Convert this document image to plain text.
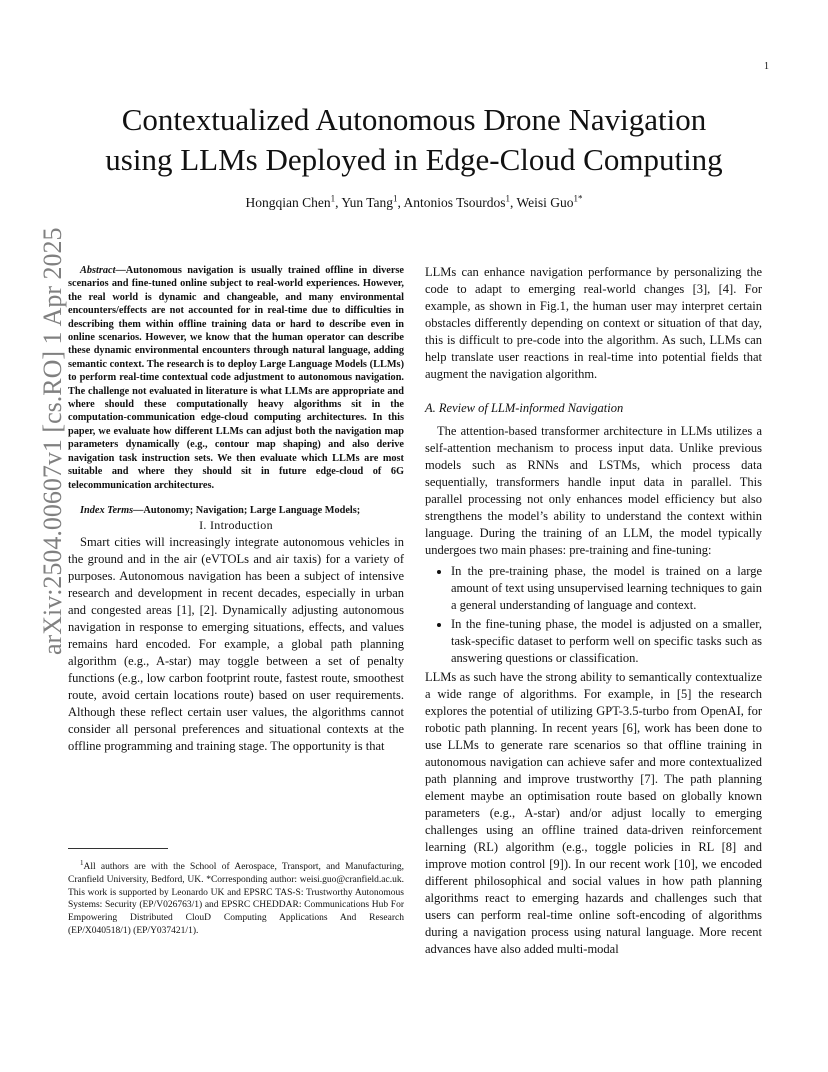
1
arXiv:2504.00607v1 [cs.RO] 1 Apr 2025
Contextualized Autonomous Drone Navigation
using LLMs Deployed in Edge-Cloud Computing
Hongqian Chen$^1$, Yun Tang$^1$, Antonios Tsourdos$^1$, Weisi Guo$^{1*}$

Abstract—Autonomous navigation is usually trained offline in diverse scenarios and fine-tuned online subject to real-world experiences. However, the real world is dynamic and changeable, and many environmental encounters/effects are not accounted for in real-time due to difficulties in describing them within offline training data or hard to describe even in online scenarios. However, we know that the human operator can describe these dynamic environmental encounters through natural language, adding semantic context. The research is to deploy Large Language Models (LLMs) to perform real-time contextual code adjustment to autonomous navigation. The challenge not evaluated in literature is what LLMs are appropriate and where should these computationally heavy algorithms sit in the computation-communication edge-cloud computing architectures. In this paper, we evaluate how different LLMs can adjust both the navigation map parameters dynamically (e.g., contour map shaping) and also derive navigation task instruction sets. We then evaluate which LLMs are most suitable and where they should sit in future edge-cloud of 6G telecommunication architectures.

Index Terms—Autonomy; Navigation; Large Language Models;

I. Introduction

Smart cities will increasingly integrate autonomous vehicles in the ground and in the air (eVTOLs and air taxis) for a variety of purposes. Autonomous navigation has been a subject of intensive research and development in recent decades, especially in urban and congested areas [1], [2]. Dynamically adjusting autonomous navigation in response to emerging situations, effects, and values remains hard encoded. For example, a global path planning algorithm (e.g., A-star) may toggle between a set of penalty functions (e.g., low carbon footprint route, fastest route, smoothest route, avoid certain locations route) based on user requirements. Although these reflect certain user values, the algorithms cannot consider all personal preferences and situational contexts at the offline programming and training stage. The opportunity is that

LLMs can enhance navigation performance by personalizing the code to adapt to emerging real-world changes [3], [4]. For example, as shown in Fig.1, the human user may interpret certain obstacles differently depending on context or situation of that day, this is difficult to pre-code into the algorithm. As such, LLMs can help translate user reactions in real-time into potential fields that augment the navigation algorithm.

A. Review of LLM-informed Navigation

The attention-based transformer architecture in LLMs utilizes a self-attention mechanism to process input data. Unlike previous models such as RNNs and LSTMs, which process data sequentially, transformers handle input data in parallel. This parallel processing not only enhances model efficiency but also strengthens the model’s ability to understand the context within language. During the training of an LLM, the model typically undergoes two main phases: pre-training and fine-tuning:

• In the pre-training phase, the model is trained on a large amount of text using unsupervised learning techniques to gain a general understanding of language and context.
• In the fine-tuning phase, the model is adjusted on a smaller, task-specific dataset to perform well on specific tasks such as answering questions or classification.

LLMs as such have the strong ability to semantically contextualize a wide range of algorithms. For example, in [5] the research explores the potential of utilizing GPT-3.5-turbo from OpenAI, for robotic path planning. In recent years [6], work has been done to use LLMs to generate rare scenarios so that offline training in autonomous navigation can achieve safer and more contextualized path planning and improve trustworthy [7]. The path planning element maybe an optimisation route based on globally known parameters (e.g., A-star) and/or adjust locally to emerging challenges using an offline trained data-driven reinforcement learning (RL) algorithm (e.g., toggle policies in RL [8] and improve motion control [9]). In our recent work [10], we encoded different philosophical and social values in how path planning algorithms react to emerging hazards and challenges such that users can perform real-time online soft-encoding of algorithms during a navigation process using natural language. More recent advances have also added multi-modal

$^1$All authors are with the School of Aerospace, Transport, and Manufacturing, Cranfield University, Bedford, UK. *Corresponding author: weisi.guo@cranfield.ac.uk. This work is supported by Leonardo UK and EPSRC TAS-S: Trustworthy Autonomous Systems: Security (EP/V026763/1) and EPSRC CHEDDAR: Communications Hub For Empowering Distributed ClouD Computing Applications And Research (EP/X040518/1) (EP/Y037421/1).
